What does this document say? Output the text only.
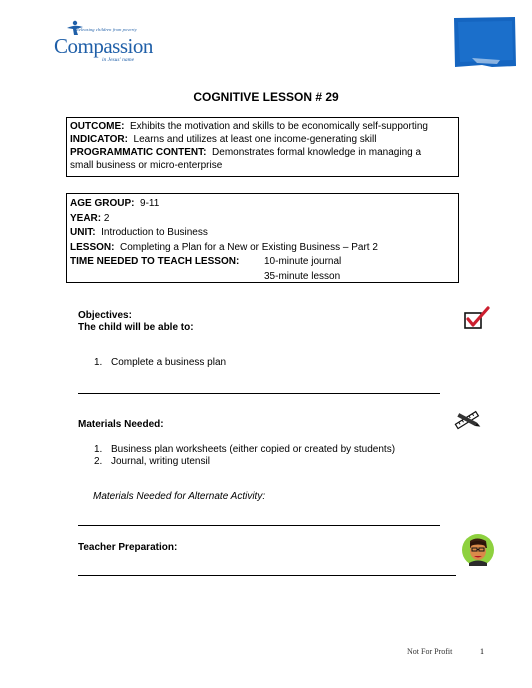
Releasing children from poverty
Compassion
in Jesus' name
COGNITIVE LESSON # 29
OUTCOME: Exhibits the motivation and skills to be economically self-supporting
INDICATOR: Learns and utilizes at least one income-generating skill
PROGRAMMATIC CONTENT: Demonstrates formal knowledge in managing a
small business or micro-enterprise
AGE GROUP: 9-11
YEAR: 2
UNIT: Introduction to Business
LESSON: Completing a Plan for a New or Existing Business – Part 2
TIME NEEDED TO TEACH LESSON: 10-minute journal
35-minute lesson
Objectives:
The child will be able to:
1. Complete a business plan
Materials Needed:
1. Business plan worksheets (either copied or created by students)
2. Journal, writing utensil
Materials Needed for Alternate Activity:
Teacher Preparation:
Not For Profit	1
